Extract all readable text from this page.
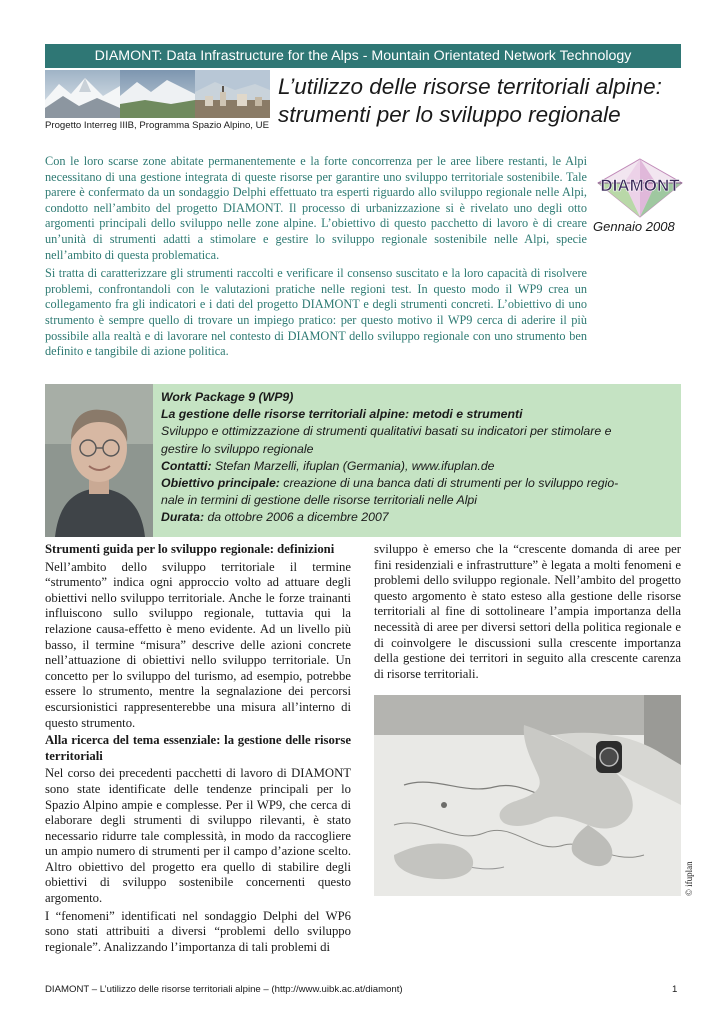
DIAMONT: Data Infrastructure for the Alps - Mountain Orientated Network Technology
Progetto Interreg IIIB, Programma Spazio Alpino, UE
L’utilizzo delle risorse territoriali alpine:
strumenti per lo sviluppo regionale

Con le loro scarse zone abitate permanentemente e la forte concorrenza per le aree libere restanti, le Alpi necessitano di una gestione integrata di queste risorse per garantire uno sviluppo territoriale sostenibile. Tale parere è confermato da un sondaggio Delphi effettuato tra esperti riguardo allo sviluppo regionale nelle Alpi, condotto nell’ambito del progetto DIAMONT. Il processo di urbanizzazione si è rivelato uno degli otto argomenti principali dello sviluppo nelle zone alpine. L’obiettivo di questo pacchetto di lavoro è di creare un’unità di strumenti adatti a stimolare e gestire lo sviluppo regionale sostenibile nelle Alpi, specie nell’ambito di questa problematica.

Si tratta di caratterizzare gli strumenti raccolti e verificare il consenso suscitato e la loro capacità di risolvere problemi, confrontandoli con le valutazioni pratiche nelle regioni test. In questo modo il WP9 crea un collegamento fra gli indicatori e i dati del progetto DIAMONT e degli strumenti concreti. L’obiettivo di uno strumento è sempre quello di trovare un impiego pratico: per questo motivo il WP9 cerca di aderire il più possibile alla realtà e di lavorare nel contesto di DIAMONT dello sviluppo regionale con uno strumento ben definito e tangibile di azione politica.

DIAMONT
Gennaio 2008
Work Package 9 (WP9)
La gestione delle risorse territoriali alpine: metodi e strumenti
Sviluppo e ottimizzazione di strumenti qualitativi basati su indicatori per stimolare e
gestire lo sviluppo regionale
Contatti: Stefan Marzelli, ifuplan (Germania), www.ifuplan.de
Obiettivo principale: creazione di una banca dati di strumenti per lo sviluppo regio-
nale in termini di gestione delle risorse territoriali nelle Alpi
Durata: da ottobre 2006 a dicembre 2007
Strumenti guida per lo sviluppo regionale: definizioni

Nell’ambito dello sviluppo territoriale il termine “strumento” indica ogni approccio volto ad attuare degli obiettivi nello sviluppo territoriale. Anche le forze trainanti influiscono sullo sviluppo regionale, tuttavia qui la relazione causa-effetto è meno evidente. Ad un livello più basso, il termine “misura” descrive delle azioni concrete nell’attuazione di obiettivi nello sviluppo territoriale. Un concetto per lo sviluppo del turismo, ad esempio, potrebbe essere lo strumento, mentre la segnalazione dei percorsi escursionistici rappresenterebbe una misura all’interno di questo strumento.

Alla ricerca del tema essenziale: la gestione delle risorse territoriali

Nel corso dei precedenti pacchetti di lavoro di DIAMONT sono state identificate delle tendenze principali per lo Spazio Alpino ampie e complesse. Per il WP9, che cerca di elaborare degli strumenti di sviluppo rilevanti, è stato necessario ridurre tale complessità, in modo da raccogliere un ampio numero di strumenti per il campo d’azione scelto. Altro obiettivo del progetto era quello di stabilire degli obiettivi di sviluppo sostenibile concernenti questo argomento.

I “fenomeni” identificati nel sondaggio Delphi del WP6 sono stati attribuiti a diversi “problemi dello sviluppo regionale”. Analizzando l’importanza di tali problemi di

sviluppo è emerso che la “crescente domanda di aree per fini residenziali e infrastrutture” è legata a molti fenomeni e problemi dello sviluppo regionale. Nell’ambito del progetto questo argomento è stato esteso alla gestione delle risorse territoriali al fine di sottolineare l’ampia importanza della necessità di aree per diversi settori della politica regionale e di coinvolgere le discussioni sulla crescente importanza della gestione dei territori in seguito alla crescente carenza di risorse territoriali.

© ifuplan
DIAMONT – L’utilizzo delle risorse territoriali alpine – (http://www.uibk.ac.at/diamont)	1
